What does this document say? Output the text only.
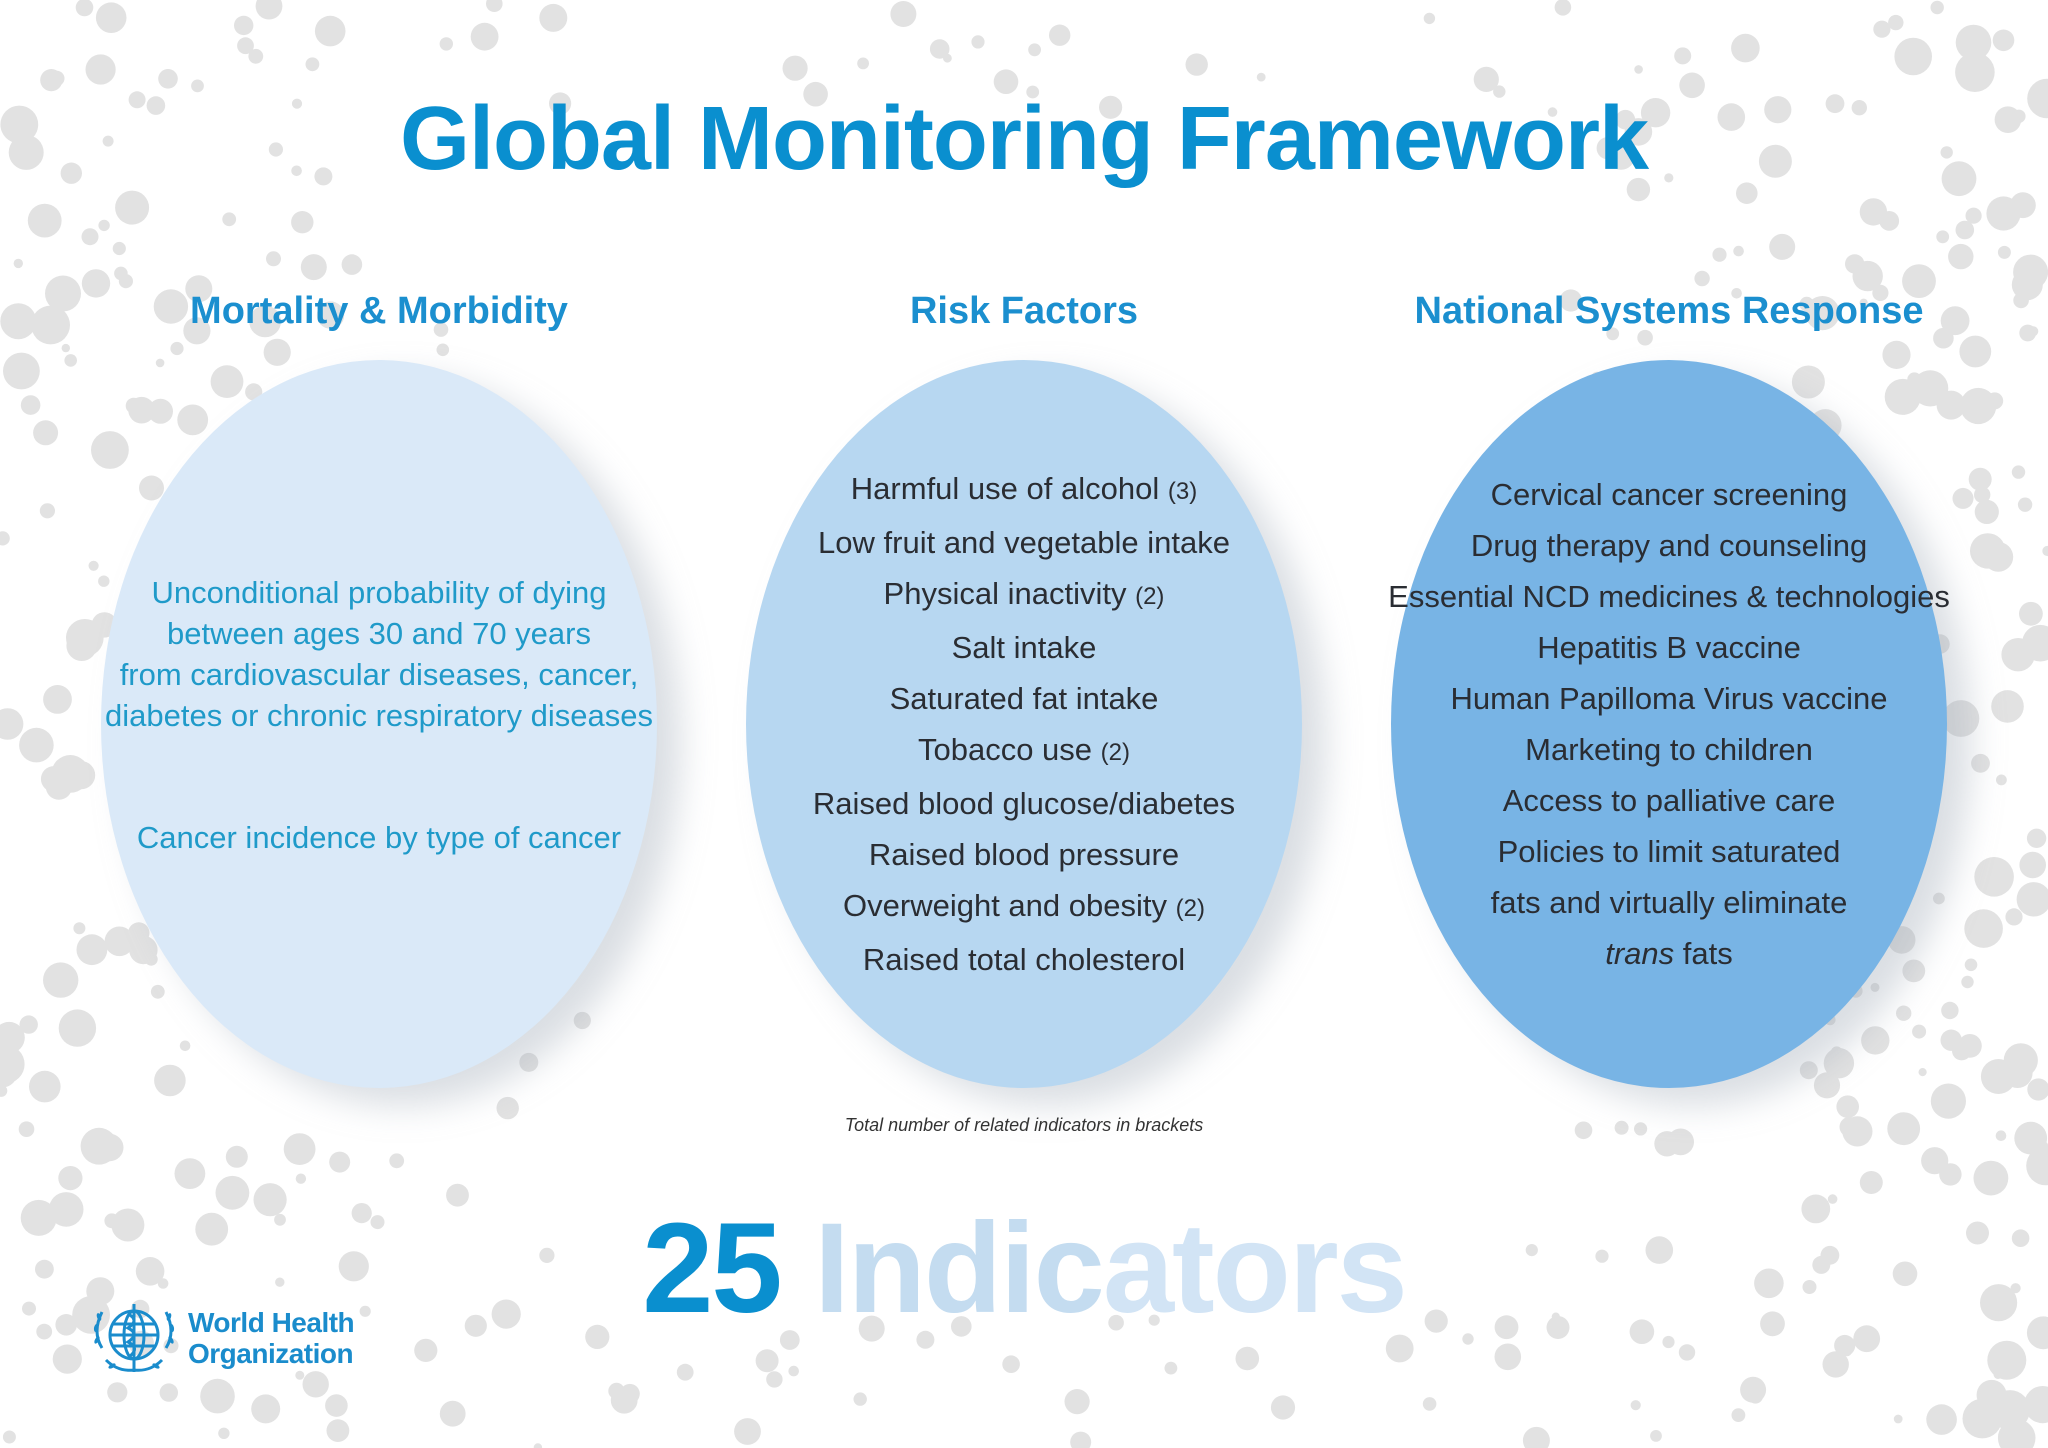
Global Monitoring Framework
Mortality & Morbidity	Risk Factors	National Systems Response
Unconditional probability of dying
between ages 30 and 70 years
from cardiovascular diseases, cancer,
diabetes or chronic respiratory diseases
Cancer incidence by type of cancer
Harmful use of alcohol (3)
Low fruit and vegetable intake
Physical inactivity (2)
Salt intake
Saturated fat intake
Tobacco use (2)
Raised blood glucose/diabetes
Raised blood pressure
Overweight and obesity (2)
Raised total cholesterol
Cervical cancer screening
Drug therapy and counseling
Essential NCD medicines & technologies
Hepatitis B vaccine
Human Papilloma Virus vaccine
Marketing to children
Access to palliative care
Policies to limit saturated
fats and virtually eliminate
trans fats
Total number of related indicators in brackets
25 Indicators
World Health
Organization
